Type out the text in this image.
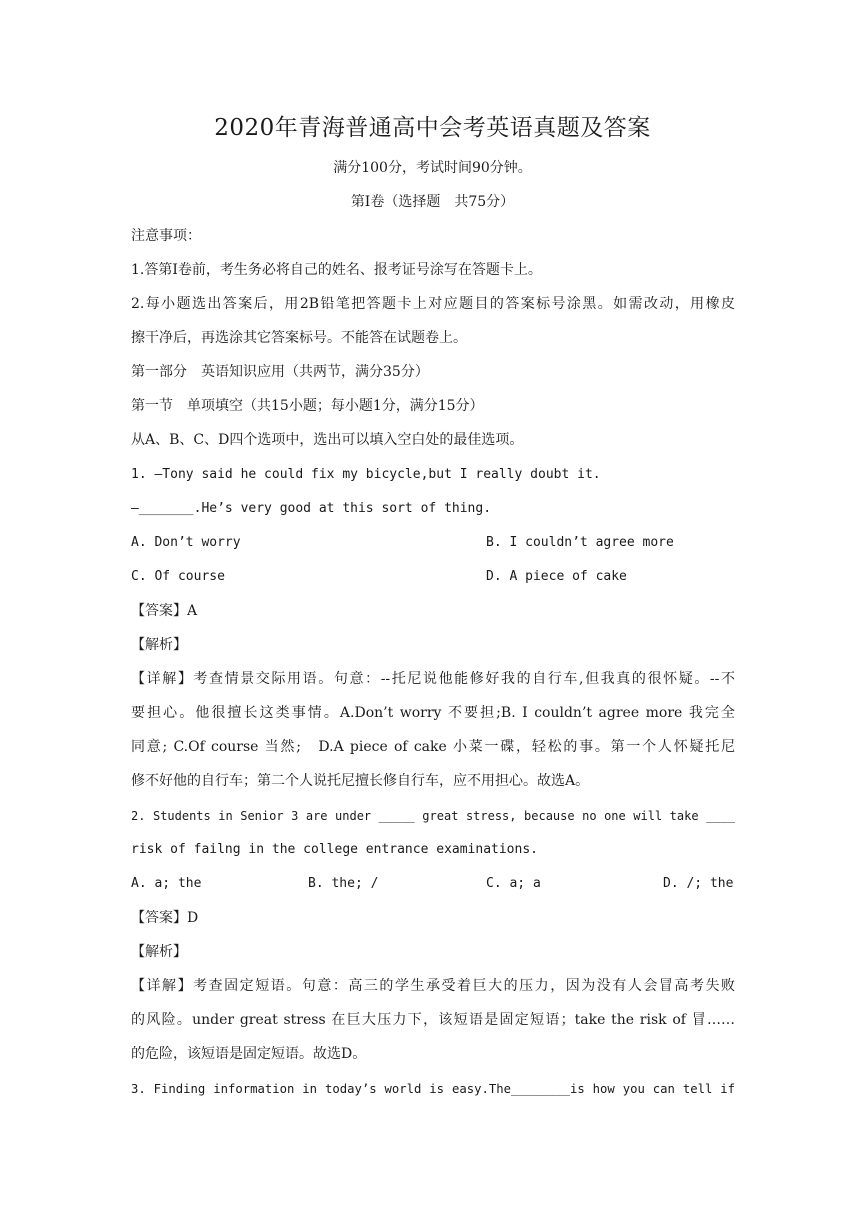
2020年青海普通高中会考英语真题及答案
满分100分，考试时间90分钟。
第Ⅰ卷（选择题　共75分）
注意事项：
1.答第Ⅰ卷前，考生务必将自己的姓名、报考证号涂写在答题卡上。
2.每小题选出答案后，用2B铅笔把答题卡上对应题目的答案标号涂黑。如需改动，用橡皮
擦干净后，再选涂其它答案标号。不能答在试题卷上。
第一部分　英语知识应用（共两节，满分35分）
第一节　单项填空（共15小题；每小题1分，满分15分）
从A、B、C、D四个选项中，选出可以填入空白处的最佳选项。
1. —Tony said he could fix my bicycle,but I really doubt it.
—_______.He’s very good at this sort of thing.
A. Don’t worry	B. I couldn’t agree more
C. Of course	D. A piece of cake
【答案】A
【解析】
【详解】考查情景交际用语。句意：--托尼说他能修好我的自行车,但我真的很怀疑。--不
要担心。他很擅长这类事情。A.Don’t worry 不要担;B. I couldn’t agree more 我完全
同意; C.Of course 当然;　D.A piece of cake 小菜一碟，轻松的事。第一个人怀疑托尼
修不好他的自行车；第二个人说托尼擅长修自行车，应不用担心。故选A。
2. Students in Senior 3 are under _____ great stress, because no one will take ____
risk of failng in the college entrance examinations.
A. a; the	B. the; /	C. a; a	D. /; the
【答案】D
【解析】
【详解】考查固定短语。句意：高三的学生承受着巨大的压力，因为没有人会冒高考失败
的风险。under great stress 在巨大压力下，该短语是固定短语；take the risk of 冒……
的危险，该短语是固定短语。故选D。
3. Finding information in today’s world is easy.The________is how you can tell if
